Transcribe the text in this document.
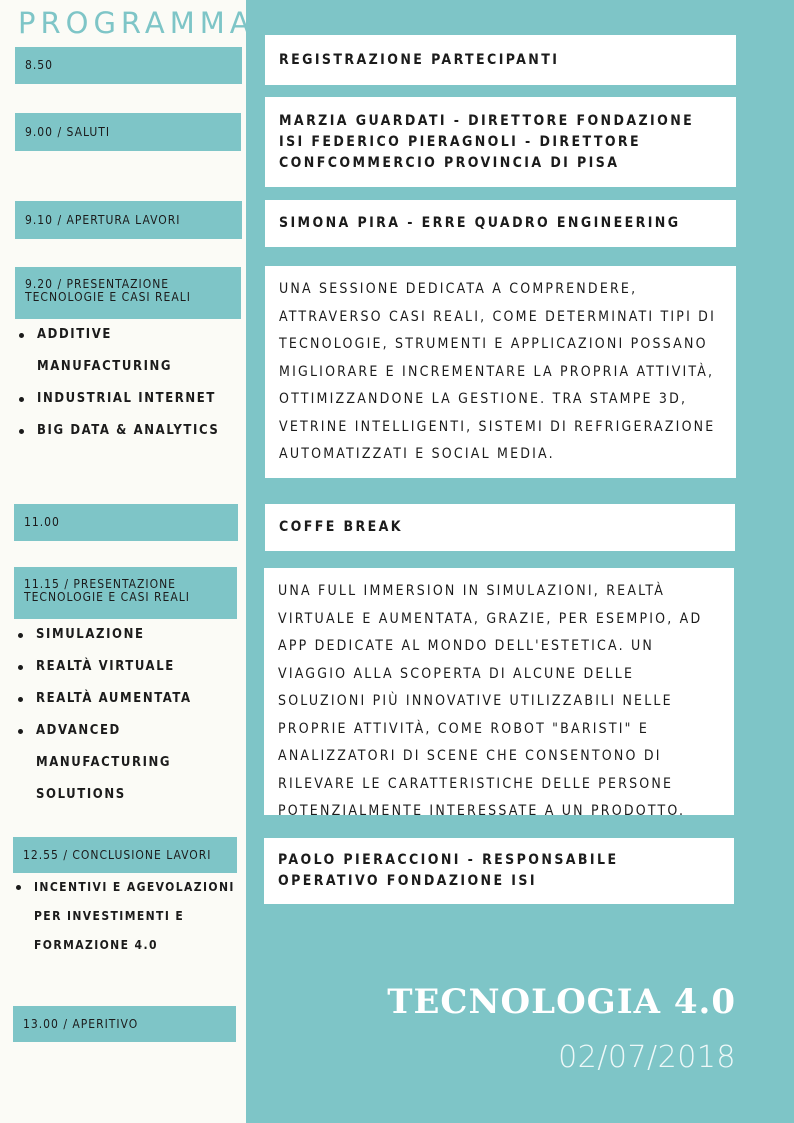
PROGRAMMA
8.50
9.00 / SALUTI
9.10 / APERTURA LAVORI
9.20 / PRESENTAZIONE TECNOLOGIE E CASI REALI
ADDITIVE MANUFACTURING
INDUSTRIAL INTERNET
BIG DATA & ANALYTICS
11.00
11.15 / PRESENTAZIONE TECNOLOGIE E CASI REALI
SIMULAZIONE
REALTÀ VIRTUALE
REALTÀ AUMENTATA
ADVANCED MANUFACTURING SOLUTIONS
12.55 / CONCLUSIONE LAVORI
INCENTIVI E AGEVOLAZIONI PER INVESTIMENTI E FORMAZIONE 4.0
13.00 / APERITIVO
REGISTRAZIONE PARTECIPANTI
MARZIA GUARDATI - DIRETTORE FONDAZIONE ISI FEDERICO PIERAGNOLI - DIRETTORE CONFCOMMERCIO PROVINCIA DI PISA
SIMONA PIRA - ERRE QUADRO ENGINEERING
UNA SESSIONE DEDICATA A COMPRENDERE, ATTRAVERSO CASI REALI, COME DETERMINATI TIPI DI TECNOLOGIE, STRUMENTI E APPLICAZIONI POSSANO MIGLIORARE E INCREMENTARE LA PROPRIA ATTIVITÀ, OTTIMIZZANDONE LA GESTIONE. TRA STAMPE 3D, VETRINE INTELLIGENTI, SISTEMI DI REFRIGERAZIONE AUTOMATIZZATI E SOCIAL MEDIA.
COFFE BREAK
UNA FULL IMMERSION IN SIMULAZIONI, REALTÀ VIRTUALE E AUMENTATA, GRAZIE, PER ESEMPIO, AD APP DEDICATE AL MONDO DELL'ESTETICA. UN VIAGGIO ALLA SCOPERTA DI ALCUNE DELLE SOLUZIONI PIÙ INNOVATIVE UTILIZZABILI NELLE PROPRIE ATTIVITÀ, COME ROBOT "BARISTI" E ANALIZZATORI DI SCENE CHE CONSENTONO DI RILEVARE LE CARATTERISTICHE DELLE PERSONE POTENZIALMENTE INTERESSATE A UN PRODOTTO.
PAOLO PIERACCIONI - RESPONSABILE OPERATIVO FONDAZIONE ISI
TECNOLOGIA 4.0
02/07/2018
